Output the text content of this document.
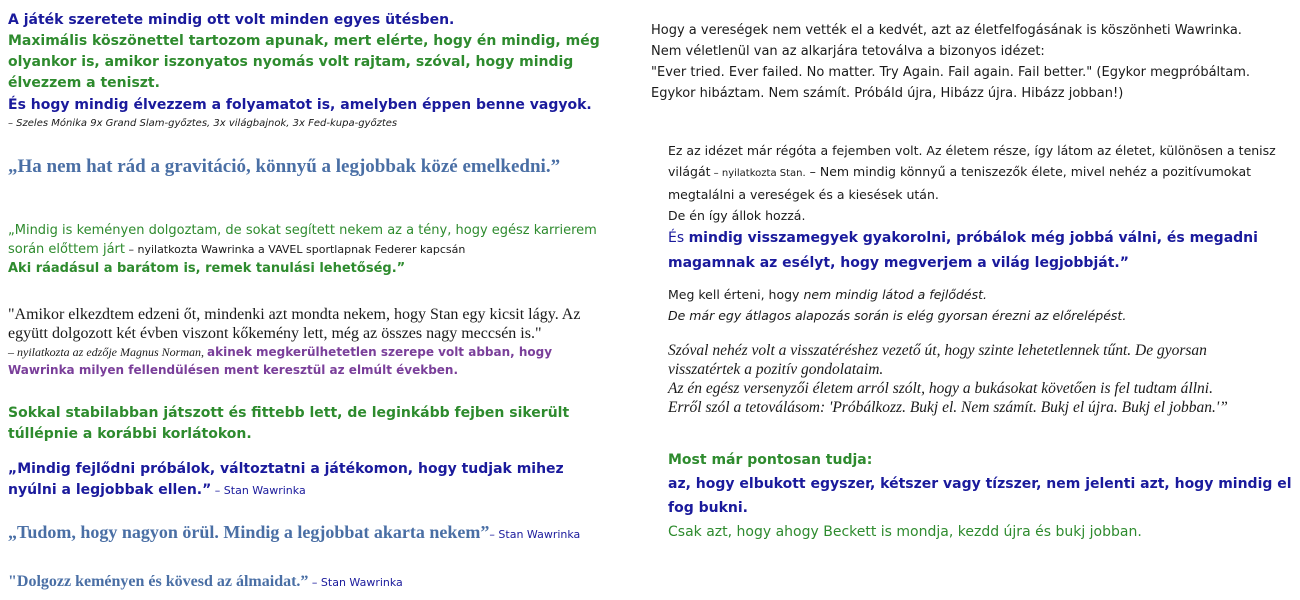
A játék szeretete mindig ott volt minden egyes ütésben.

Maximális köszönettel tartozom apunak, mert elérte, hogy én mindig, még olyankor is, amikor iszonyatos nyomás volt rajtam, szóval, hogy mindig élvezzem a teniszt.

És hogy mindig élvezzem a folyamatot is, amelyben éppen benne vagyok.

– Szeles Mónika 9x Grand Slam-győztes, 3x világbajnok, 3x Fed-kupa-győztes

„Ha nem hat rád a gravitáció, könnyű a legjobbak közé emelkedni.”

„Mindig is keményen dolgoztam, de sokat segített nekem az a tény, hogy egész karrierem során előttem járt – nyilatkozta Wawrinka a VAVEL sportlapnak Federer kapcsán

Aki ráadásul a barátom is, remek tanulási lehetőség.”

"Amikor elkezdtem edzeni őt, mindenki azt mondta nekem, hogy Stan egy kicsit lágy. Az együtt dolgozott két évben viszont kőkemény lett, még az összes nagy meccsén is."

– nyilatkozta az edzője Magnus Norman, akinek megkerülhetetlen szerepe volt abban, hogy Wawrinka milyen fellendülésen ment keresztül az elmúlt években.

Sokkal stabilabban játszott és fittebb lett, de leginkább fejben sikerült túllépnie a korábbi korlátokon.
„Mindig fejlődni próbálok, változtatni a játékomon, hogy tudjak mihez nyúlni a legjobbak ellen.” – Stan Wawrinka
„Tudom, hogy nagyon örül. Mindig a legjobbat akarta nekem”– Stan Wawrinka
"Dolgozz keményen és kövesd az álmaidat.” – Stan Wawrinka

Hogy a vereségek nem vették el a kedvét, azt az életfelfogásának is köszönheti Wawrinka. Nem véletlenül van az alkarjára tetoválva a bizonyos idézet:

"Ever tried. Ever failed. No matter. Try Again. Fail again. Fail better." (Egykor megpróbáltam. Egykor hibáztam. Nem számít. Próbáld újra, Hibázz újra. Hibázz jobban!)

Ez az idézet már régóta a fejemben volt. Az életem része, így látom az életet, különösen a tenisz világát – nyilatkozta Stan. – Nem mindig könnyű a teniszezők élete, mivel nehéz a pozitívumokat megtalálni a vereségek és a kiesések után.

De én így állok hozzá.

És mindig visszamegyek gyakorolni, próbálok még jobbá válni, és megadni magamnak az esélyt, hogy megverjem a világ legjobbját.”

Meg kell érteni, hogy nem mindig látod a fejlődést.

De már egy átlagos alapozás során is elég gyorsan érezni az előrelépést.

Szóval nehéz volt a visszatéréshez vezető út, hogy szinte lehetetlennek tűnt. De gyorsan visszatértek a pozitív gondolataim.

Az én egész versenyzői életem arról szólt, hogy a bukásokat követően is fel tudtam állni.

Erről szól a tetoválásom: 'Próbálkozz. Bukj el. Nem számít. Bukj el újra. Bukj el jobban.'”

Most már pontosan tudja:

az, hogy elbukott egyszer, kétszer vagy tízszer, nem jelenti azt, hogy mindig el fog bukni.

Csak azt, hogy ahogy Beckett is mondja, kezdd újra és bukj jobban.
